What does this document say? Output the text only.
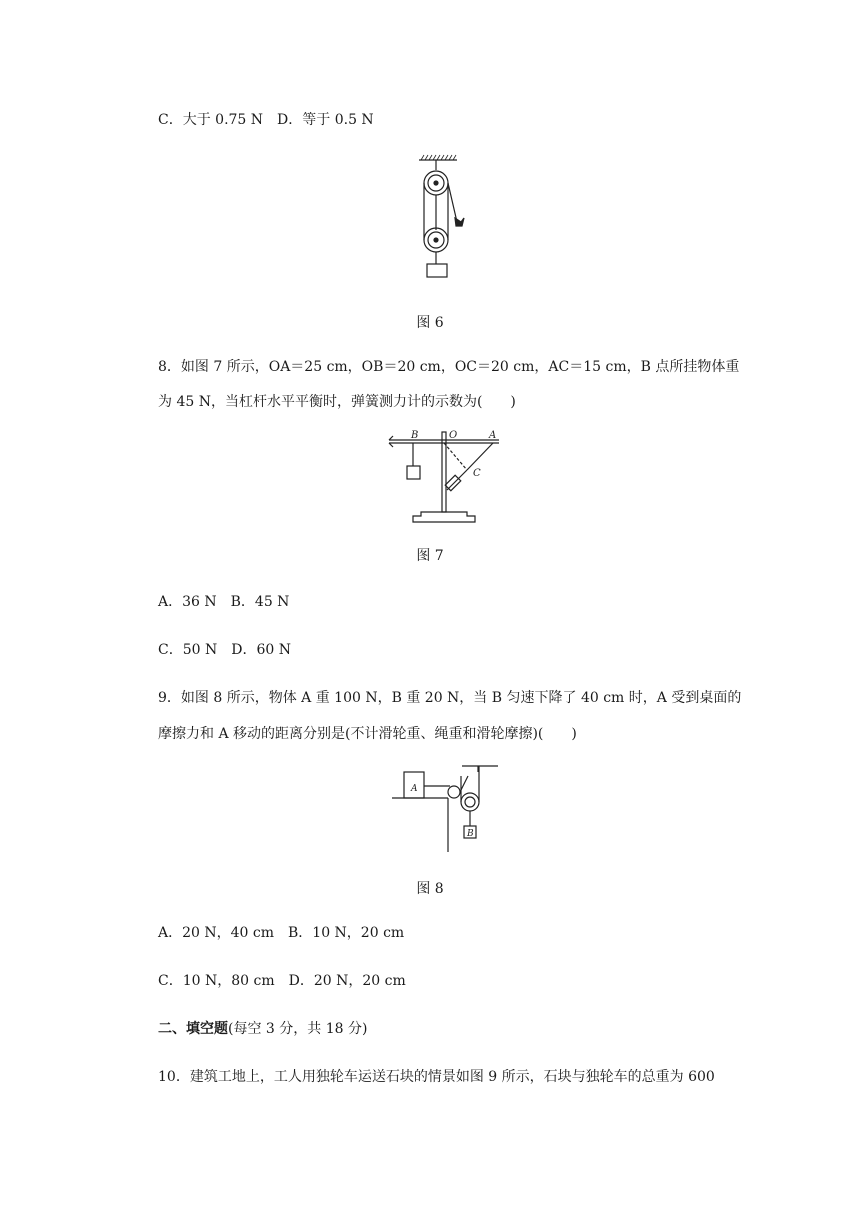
C．大于 0.75 N　D．等于 0.5 N
图 6
8．如图 7 所示，OA＝25 cm，OB＝20 cm，OC＝20 cm，AC＝15 cm，B 点所挂物体重
为 45 N，当杠杆水平平衡时，弹簧测力计的示数为(　　)
B	O	A
C
图 7
A．36 N　B．45 N
C．50 N　D．60 N
9．如图 8 所示，物体 A 重 100 N，B 重 20 N，当 B 匀速下降了 40 cm 时，A 受到桌面的
摩擦力和 A 移动的距离分别是(不计滑轮重、绳重和滑轮摩擦)(　　)
A
B
图 8
A．20 N，40 cm　B．10 N，20 cm
C．10 N，80 cm　D．20 N，20 cm
二、填空题(每空 3 分，共 18 分)
10．建筑工地上，工人用独轮车运送石块的情景如图 9 所示，石块与独轮车的总重为 600
